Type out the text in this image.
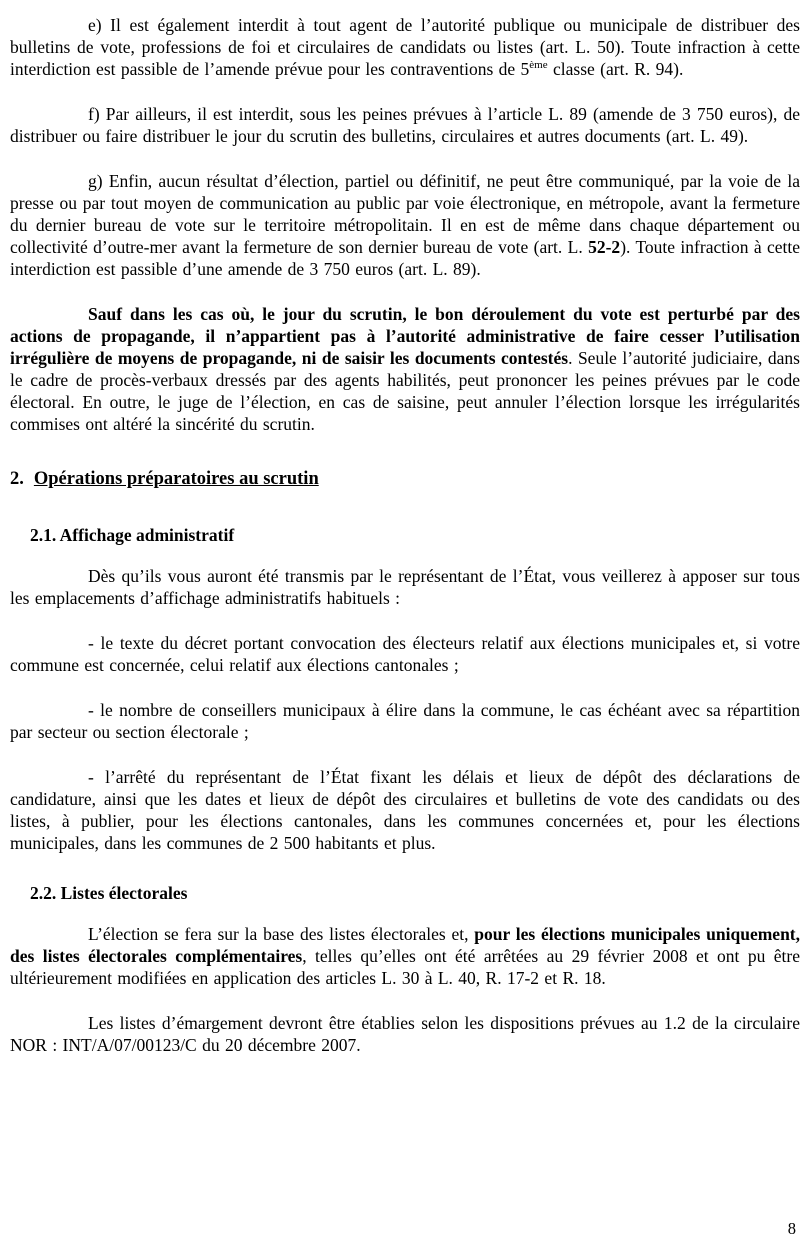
e) Il est également interdit à tout agent de l’autorité publique ou municipale de distribuer des bulletins de vote, professions de foi et circulaires de candidats ou listes (art. L. 50). Toute infraction à cette interdiction est passible de l’amende prévue pour les contraventions de 5ème classe (art. R. 94).

f) Par ailleurs, il est interdit, sous les peines prévues à l’article L. 89 (amende de 3 750 euros), de distribuer ou faire distribuer le jour du scrutin des bulletins, circulaires et autres documents (art. L. 49).

g) Enfin, aucun résultat d’élection, partiel ou définitif, ne peut être communiqué, par la voie de la presse ou par tout moyen de communication au public par voie électronique, en métropole, avant la fermeture du dernier bureau de vote sur le territoire métropolitain. Il en est de même dans chaque département ou collectivité d’outre-mer avant la fermeture de son dernier bureau de vote (art. L. 52-2). Toute infraction à cette interdiction est passible d’une amende de 3 750 euros (art. L. 89).

Sauf dans les cas où, le jour du scrutin, le bon déroulement du vote est perturbé par des actions de propagande, il n’appartient pas à l’autorité administrative de faire cesser l’utilisation irrégulière de moyens de propagande, ni de saisir les documents contestés. Seule l’autorité judiciaire, dans le cadre de procès-verbaux dressés par des agents habilités, peut prononcer les peines prévues par le code électoral. En outre, le juge de l’élection, en cas de saisine, peut annuler l’élection lorsque les irrégularités commises ont altéré la sincérité du scrutin.

2. Opérations préparatoires au scrutin

2.1. Affichage administratif

Dès qu’ils vous auront été transmis par le représentant de l’État, vous veillerez à apposer sur tous les emplacements d’affichage administratifs habituels :

- le texte du décret portant convocation des électeurs relatif aux élections municipales et, si votre commune est concernée, celui relatif aux élections cantonales ;

- le nombre de conseillers municipaux à élire dans la commune, le cas échéant avec sa répartition par secteur ou section électorale ;

- l’arrêté du représentant de l’État fixant les délais et lieux de dépôt des déclarations de candidature, ainsi que les dates et lieux de dépôt des circulaires et bulletins de vote des candidats ou des listes, à publier, pour les élections cantonales, dans les communes concernées et, pour les élections municipales, dans les communes de 2 500 habitants et plus.

2.2. Listes électorales

L’élection se fera sur la base des listes électorales et, pour les élections municipales uniquement, des listes électorales complémentaires, telles qu’elles ont été arrêtées au 29 février 2008 et ont pu être ultérieurement modifiées en application des articles L. 30 à L. 40, R. 17-2 et R. 18.

Les listes d’émargement devront être établies selon les dispositions prévues au 1.2 de la circulaire NOR : INT/A/07/00123/C du 20 décembre 2007.

8
